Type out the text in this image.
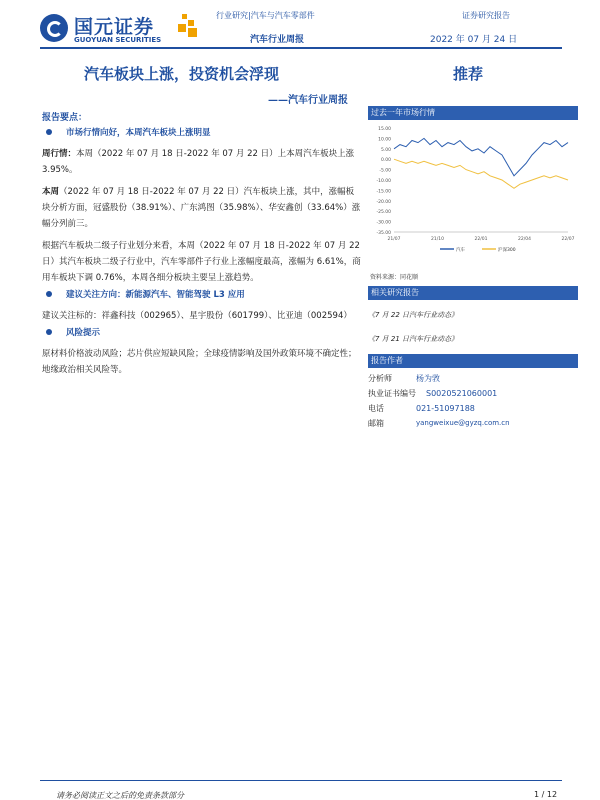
国元证券
GUOYUAN SECURITIES
行业研究|汽车与汽车零部件	证券研究报告
汽车行业周报	2022 年 07 月 24 日
汽车板块上涨，投资机会浮现	推荐
——汽车行业周报
报告要点：
市场行情向好，本周汽车板块上涨明显

周行情：本周（2022 年 07 月 18 日-2022 年 07 月 22 日）上本周汽车板块上涨 3.95%。

本周（2022 年 07 月 18 日-2022 年 07 月 22 日）汽车板块上涨，其中，涨幅板块分析方面，冠盛股份（38.91%）、广东鸿图（35.98%）、华安鑫创（33.64%）涨幅分列前三。

根据汽车板块二级子行业划分来看，本周（2022 年 07 月 18 日-2022 年 07 月 22 日）其汽车板块二级子行业中，汽车零部件子行业上涨幅度最高，涨幅为 6.61%，商用车板块下调 0.76%，本周各细分板块主要呈上涨趋势。

建议关注方向：新能源汽车、智能驾驶 L3 应用

建议关注标的：祥鑫科技（002965）、星宇股份（601799）、比亚迪（002594）

风险提示

原材料价格波动风险；芯片供应短缺风险；全球疫情影响及国外政策环境不确定性；地缘政治相关风险等。

过去一年市场行情
15.00
10.00
5.00
0.00
-5.00
-10.00
-15.00
-20.00
-25.00
-30.00
-35.00
21/07	21/10	22/01	22/04	22/07
汽车	沪深300
资料来源：同花顺
相关研究报告
《7 月 22 日汽车行业动态》
《7 月 21 日汽车行业动态》
报告作者
分析师	杨为敩
执业证书编号	S0020521060001
电话	021-51097188
邮箱	yangweixue@gyzq.com.cn
请务必阅读正文之后的免责条款部分	1 / 12
